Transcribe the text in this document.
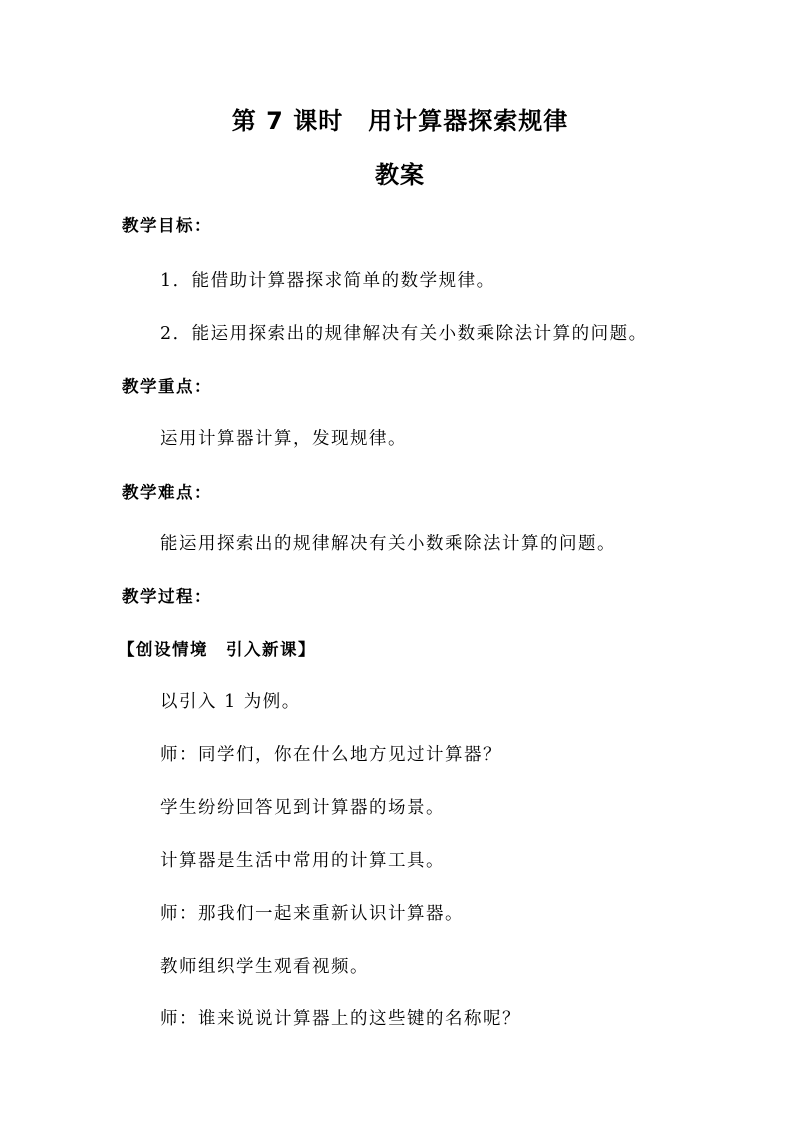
第 7 课时　用计算器探索规律
教案
教学目标：
1．能借助计算器探求简单的数学规律。
2．能运用探索出的规律解决有关小数乘除法计算的问题。
教学重点：
运用计算器计算，发现规律。
教学难点：
能运用探索出的规律解决有关小数乘除法计算的问题。
教学过程：
【创设情境　引入新课】
以引入 1 为例。
师：同学们，你在什么地方见过计算器？
学生纷纷回答见到计算器的场景。
计算器是生活中常用的计算工具。
师：那我们一起来重新认识计算器。
教师组织学生观看视频。
师：谁来说说计算器上的这些键的名称呢？
